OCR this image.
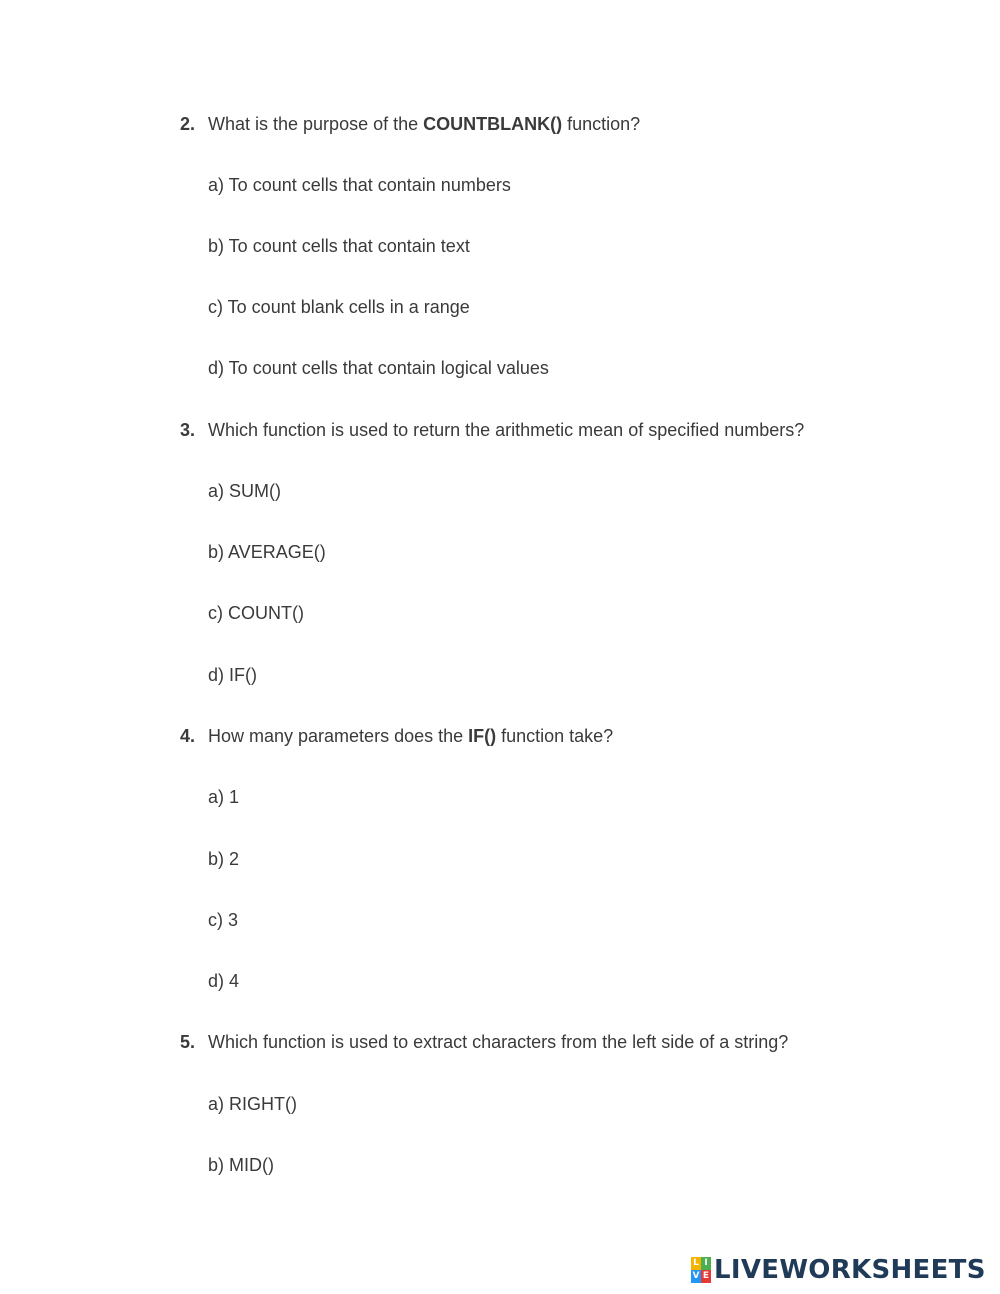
2. What is the purpose of the COUNTBLANK() function?
a) To count cells that contain numbers
b) To count cells that contain text
c) To count blank cells in a range
d) To count cells that contain logical values
3. Which function is used to return the arithmetic mean of specified numbers?
a) SUM()
b) AVERAGE()
c) COUNT()
d) IF()
4. How many parameters does the IF() function take?
a) 1
b) 2
c) 3
d) 4
5. Which function is used to extract characters from the left side of a string?
a) RIGHT()
b) MID()
L I
V E LIVEWORKSHEETS
